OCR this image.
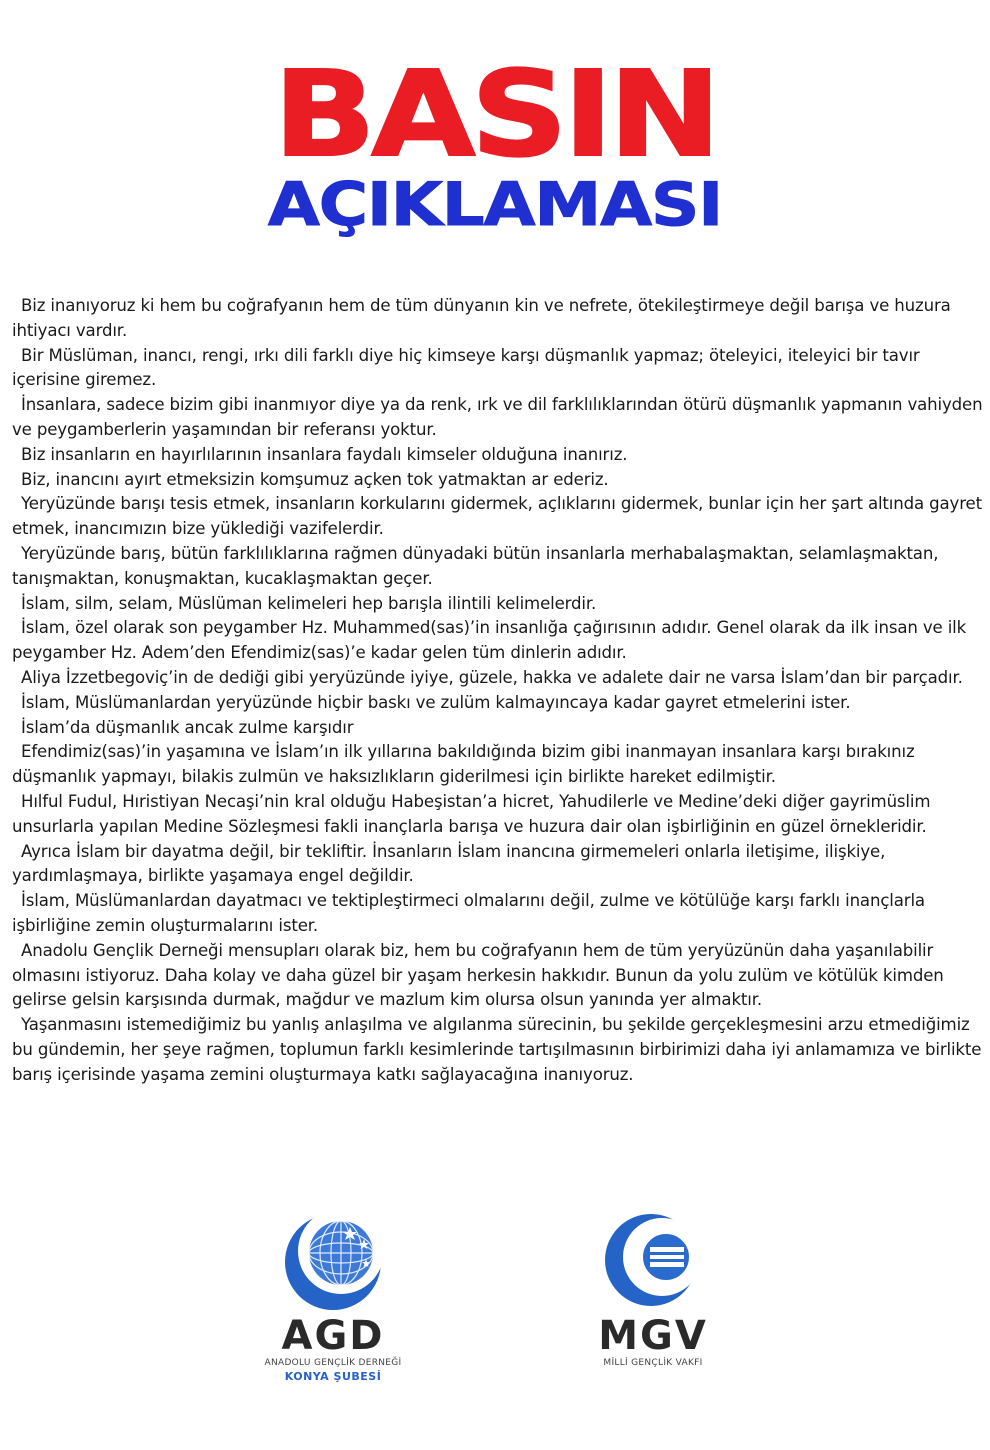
BASIN
AÇIKLAMASI

Biz inanıyoruz ki hem bu coğrafyanın hem de tüm dünyanın kin ve nefrete, ötekileştirmeye değil barışa ve huzura ihtiyacı vardır.

Bir Müslüman, inancı, rengi, ırkı dili farklı diye hiç kimseye karşı düşmanlık yapmaz; öteleyici, iteleyici bir tavır içerisine giremez.

İnsanlara, sadece bizim gibi inanmıyor diye ya da renk, ırk ve dil farklılıklarından ötürü düşmanlık yapmanın vahiyden ve peygamberlerin yaşamından bir referansı yoktur.

Biz insanların en hayırlılarının insanlara faydalı kimseler olduğuna inanırız.

Biz, inancını ayırt etmeksizin komşumuz açken tok yatmaktan ar ederiz.

Yeryüzünde barışı tesis etmek, insanların korkularını gidermek, açlıklarını gidermek, bunlar için her şart altında gayret etmek, inancımızın bize yüklediği vazifelerdir.

Yeryüzünde barış, bütün farklılıklarına rağmen dünyadaki bütün insanlarla merhabalaşmaktan, selamlaşmaktan, tanışmaktan, konuşmaktan, kucaklaşmaktan geçer.

İslam, silm, selam, Müslüman kelimeleri hep barışla ilintili kelimelerdir.

İslam, özel olarak son peygamber Hz. Muhammed(sas)’in insanlığa çağırısının adıdır. Genel olarak da ilk insan ve ilk peygamber Hz. Adem’den Efendimiz(sas)’e kadar gelen tüm dinlerin adıdır.

Aliya İzzetbegoviç’in de dediği gibi yeryüzünde iyiye, güzele, hakka ve adalete dair ne varsa İslam’dan bir parçadır.

İslam, Müslümanlardan yeryüzünde hiçbir baskı ve zulüm kalmayıncaya kadar gayret etmelerini ister.

İslam’da düşmanlık ancak zulme karşıdır

Efendimiz(sas)’in yaşamına ve İslam’ın ilk yıllarına bakıldığında bizim gibi inanmayan insanlara karşı bırakınız düşmanlık yapmayı, bilakis zulmün ve haksızlıkların giderilmesi için birlikte hareket edilmiştir.

Hılful Fudul, Hıristiyan Necaşi’nin kral olduğu Habeşistan’a hicret, Yahudilerle ve Medine’deki diğer gayrimüslim unsurlarla yapılan Medine Sözleşmesi fakli inançlarla barışa ve huzura dair olan işbirliğinin en güzel örnekleridir.

Ayrıca İslam bir dayatma değil, bir tekliftir. İnsanların İslam inancına girmemeleri onlarla iletişime, ilişkiye, yardımlaşmaya, birlikte yaşamaya engel değildir.

İslam, Müslümanlardan dayatmacı ve tektipleştirmeci olmalarını değil, zulme ve kötülüğe karşı farklı inançlarla işbirliğine zemin oluşturmalarını ister.

Anadolu Gençlik Derneği mensupları olarak biz, hem bu coğrafyanın hem de tüm yeryüzünün daha yaşanılabilir olmasını istiyoruz. Daha kolay ve daha güzel bir yaşam herkesin hakkıdır. Bunun da yolu zulüm ve kötülük kimden gelirse gelsin karşısında durmak, mağdur ve mazlum kim olursa olsun yanında yer almaktır.

Yaşanmasını istemediğimiz bu yanlış anlaşılma ve algılanma sürecinin, bu şekilde gerçekleşmesini arzu etmediğimiz bu gündemin, her şeye rağmen, toplumun farklı kesimlerinde tartışılmasının birbirimizi daha iyi anlamamıza ve birlikte barış içerisinde yaşama zemini oluşturmaya katkı sağlayacağına inanıyoruz.

AGD
ANADOLU GENÇLİK DERNEĞİ
KONYA ŞUBESİ
MGV
MİLLİ GENÇLİK VAKFI
